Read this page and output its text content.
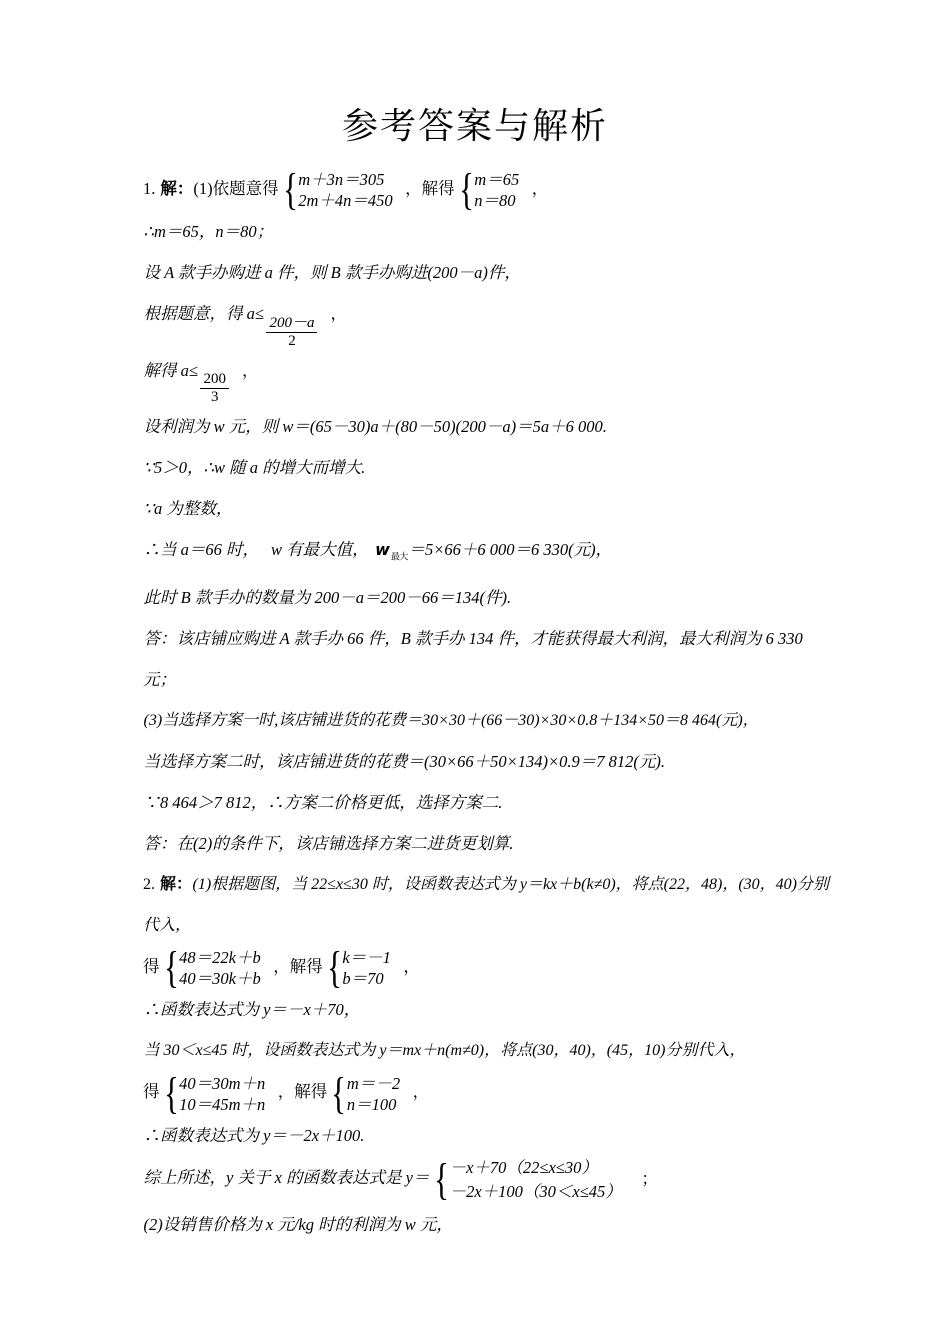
参考答案与解析
1. 解：(1)依题意得 { m＋3n＝305
2m＋4n＝450
，解得 { m＝65
n＝80
，
∴m＝65，n＝80；
设 A 款手办购进 a 件，则 B 款手办购进(200－a)件，
根据题意，得 a≤
$\frac{200-a}{2}$
，
解得 a≤
$\frac{200}{3}$
，
设利润为 w 元，则 w＝(65－30)a＋(80－50)(200－a)＝5a＋6 000.
∵5＞0，∴w 随 a 的增大而增大.
∵a 为整数，
∴当 a＝66 时， w 有最大值， $w_{最大}=5\times 66+6$ 000＝6 330(元)，
此时 B 款手办的数量为 200－a＝200－66＝134(件).
答：该店铺应购进 A 款手办 66 件，B 款手办 134 件，才能获得最大利润，最大利润为 6 330 元；
(3)当选择方案一时,该店铺进货的花费＝30×30＋(66－30)×30×0.8＋134×50＝8 464(元)，
当选择方案二时，该店铺进货的花费＝(30×66＋50×134)×0.9＝7 812(元).
∵8 464＞7 812，∴方案二价格更低，选择方案二.
答：在(2)的条件下，该店铺选择方案二进货更划算.
2. 解：(1)根据题图，当 22≤x≤30 时，设函数表达式为 y＝kx＋b(k≠0)，将点(22，48)，(30，40)分别代入，
得 { 48＝22k＋b
40＝30k＋b
，解得 { k＝－1
b＝70
，
∴函数表达式为 y＝－x＋70，
当 30＜x≤45 时，设函数表达式为 y＝mx＋n(m≠0)，将点(30，40)，(45，10)分别代入，
得 { 40＝30m＋n
10＝45m＋n
，解得 { m＝－2
n＝100
，
∴函数表达式为 y＝－2x＋100.
综上所述，y 关于 x 的函数表达式是 y＝ { －x＋70（22≤x≤30）
－2x＋100（30＜x≤45）
；
(2)设销售价格为 x 元/kg 时的利润为 w 元，
